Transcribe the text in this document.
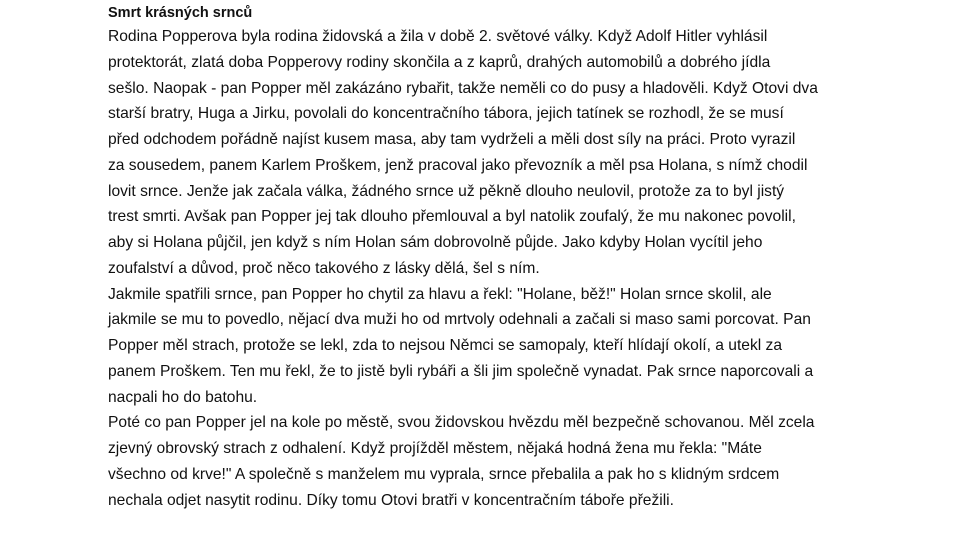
Smrt krásných srnců

Rodina Popperova byla rodina židovská a žila v době 2. světové války. Když Adolf Hitler vyhlásil
protektorát, zlatá doba Popperovy rodiny skončila a z kaprů, drahých automobilů a dobrého jídla
sešlo. Naopak - pan Popper měl zakázáno rybařit, takže neměli co do pusy a hladověli. Když Otovi dva
starší bratry, Huga a Jirku, povolali do koncentračního tábora, jejich tatínek se rozhodl, že se musí
před odchodem pořádně najíst kusem masa, aby tam vydrželi a měli dost síly na práci. Proto vyrazil
za sousedem, panem Karlem Proškem, jenž pracoval jako převozník a měl psa Holana, s nímž chodil
lovit srnce. Jenže jak začala válka, žádného srnce už pěkně dlouho neulovil, protože za to byl jistý
trest smrti. Avšak pan Popper jej tak dlouho přemlouval a byl natolik zoufalý, že mu nakonec povolil,
aby si Holana půjčil, jen když s ním Holan sám dobrovolně půjde. Jako kdyby Holan vycítil jeho
zoufalství a důvod, proč něco takového z lásky dělá, šel s ním.

Jakmile spatřili srnce, pan Popper ho chytil za hlavu a řekl: "Holane, běž!" Holan srnce skolil, ale
jakmile se mu to povedlo, nějací dva muži ho od mrtvoly odehnali a začali si maso sami porcovat. Pan
Popper měl strach, protože se lekl, zda to nejsou Němci se samopaly, kteří hlídají okolí, a utekl za
panem Proškem. Ten mu řekl, že to jistě byli rybáři a šli jim společně vynadat. Pak srnce naporcovali a
nacpali ho do batohu.

Poté co pan Popper jel na kole po městě, svou židovskou hvězdu měl bezpečně schovanou. Měl zcela
zjevný obrovský strach z odhalení. Když projížděl městem, nějaká hodná žena mu řekla: "Máte
všechno od krve!" A společně s manželem mu vyprala, srnce přebalila a pak ho s klidným srdcem
nechala odjet nasytit rodinu. Díky tomu Otovi bratři v koncentračním táboře přežili.
